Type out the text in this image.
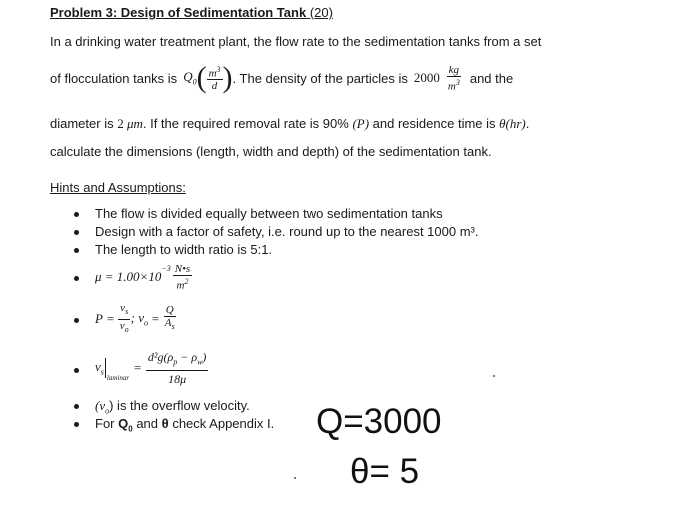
Problem 3: Design of Sedimentation Tank (20)
In a drinking water treatment plant, the flow rate to the sedimentation tanks from a set
of flocculation tanks is $Q_0$ ( $\frac{m^3}{d}$ ) . The density of the particles is $2000 \frac{kg}{m^3}$ and the
diameter is 2 μm. If the required removal rate is 90% (P) and residence time is θ(hr).
calculate the dimensions (length, width and depth) of the sedimentation tank.
Hints and Assumptions:
The flow is divided equally between two sedimentation tanks
Design with a factor of safety, i.e. round up to the nearest 1000 m³.
The length to width ratio is 5:1.
μ = 1.00×10
$^{-3} \frac{N•s}{m^2}$
$P = \frac{v_s}{v_o}$ ; $v_o = \frac{Q}{A_s}$
$v_s$
$_{laminar}$
= $\frac{d^2g(\rho_p - \rho_w)}{18\mu}$
$(v_o)$ is the overflow velocity.
For $Q_0$ and θ check Appendix I. Q=3000
θ= 5
